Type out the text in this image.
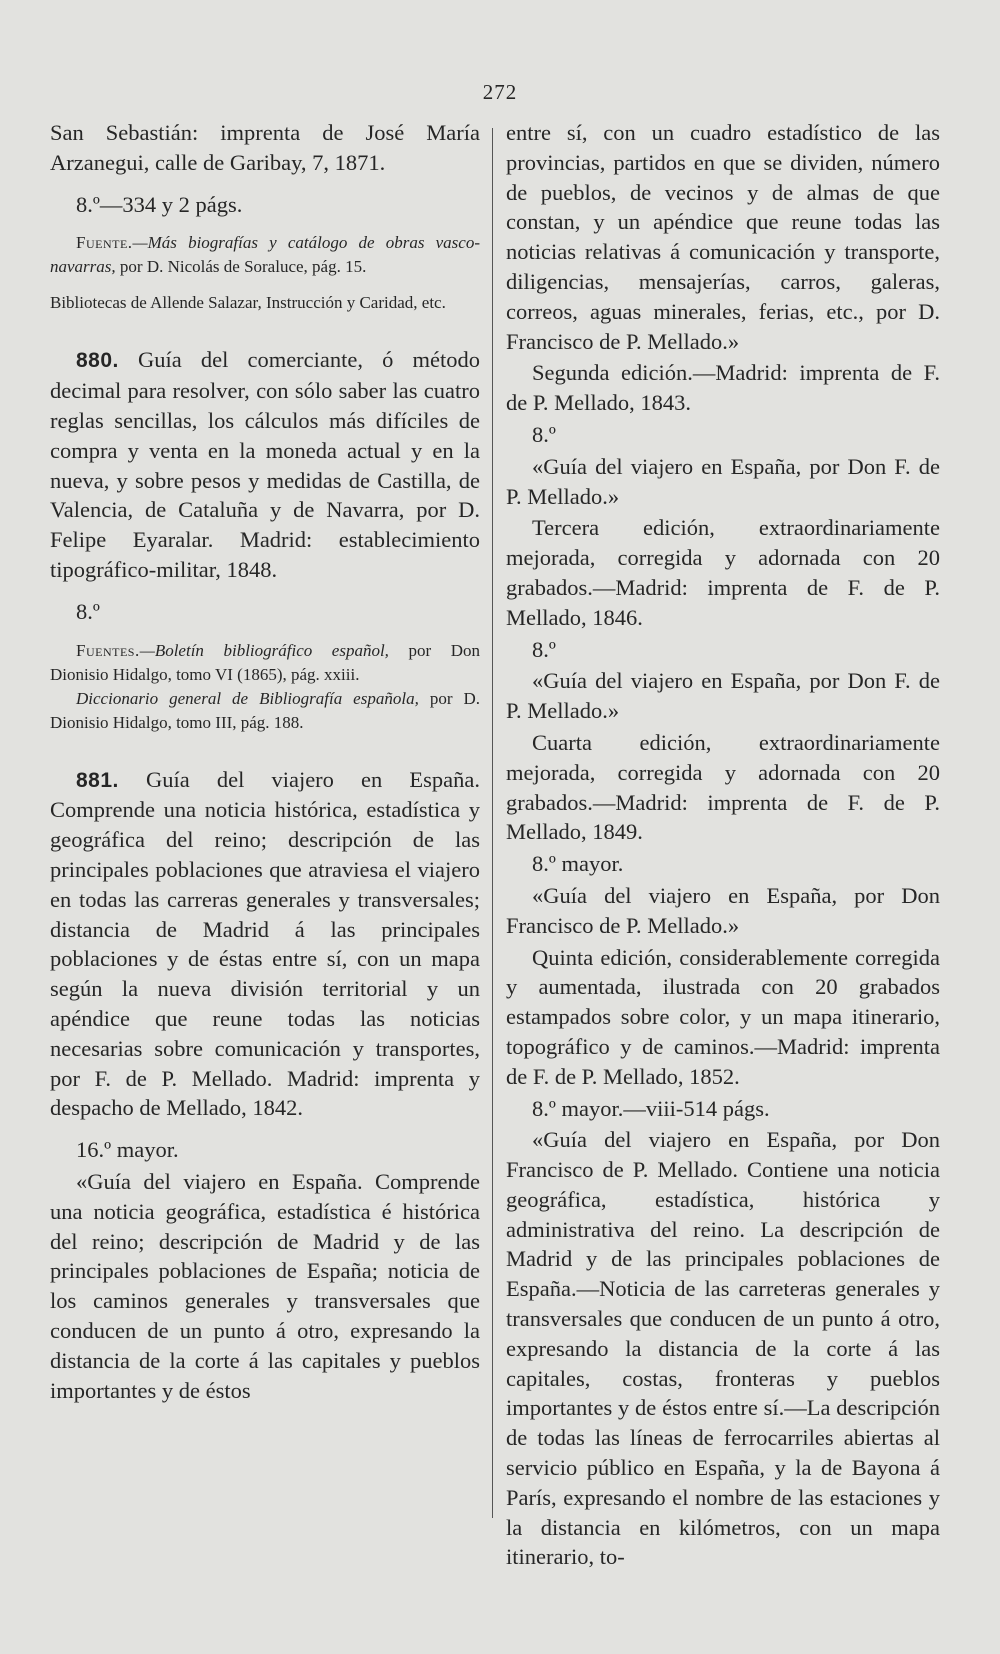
272

San Sebastián: imprenta de José María Arzanegui, calle de Garibay, 7, 1871.

8.º—334 y 2 págs.

Fuente.—Más biografías y catálogo de obras vasco-navarras, por D. Nicolás de Soraluce, pág. 15.

Bibliotecas de Allende Salazar, Instrucción y Caridad, etc.

880. Guía del comerciante, ó método decimal para resolver, con sólo saber las cuatro reglas sencillas, los cálculos más difíciles de compra y venta en la moneda actual y en la nueva, y sobre pesos y medidas de Castilla, de Valencia, de Cataluña y de Navarra, por D. Felipe Eyaralar. Madrid: establecimiento tipográfico-militar, 1848.

8.º

Fuentes.—Boletín bibliográfico español, por Don Dionisio Hidalgo, tomo VI (1865), pág. xxiii.

Diccionario general de Bibliografía española, por D. Dionisio Hidalgo, tomo III, pág. 188.

881. Guía del viajero en España. Comprende una noticia histórica, estadística y geográfica del reino; descripción de las principales poblaciones que atraviesa el viajero en todas las carreras generales y transversales; distancia de Madrid á las principales poblaciones y de éstas entre sí, con un mapa según la nueva división territorial y un apéndice que reune todas las noticias necesarias sobre comunicación y transportes, por F. de P. Mellado. Madrid: imprenta y despacho de Mellado, 1842.

16.º mayor.

«Guía del viajero en España. Comprende una noticia geográfica, estadística é histórica del reino; descripción de Madrid y de las principales poblaciones de España; noticia de los caminos generales y transversales que conducen de un punto á otro, expresando la distancia de la corte á las capitales y pueblos importantes y de éstos

entre sí, con un cuadro estadístico de las provincias, partidos en que se dividen, número de pueblos, de vecinos y de almas de que constan, y un apéndice que reune todas las noticias relativas á comunicación y transporte, diligencias, mensajerías, carros, galeras, correos, aguas minerales, ferias, etc., por D. Francisco de P. Mellado.»

Segunda edición.—Madrid: imprenta de F. de P. Mellado, 1843.

8.º

«Guía del viajero en España, por Don F. de P. Mellado.»

Tercera edición, extraordinariamente mejorada, corregida y adornada con 20 grabados.—Madrid: imprenta de F. de P. Mellado, 1846.

8.º

«Guía del viajero en España, por Don F. de P. Mellado.»

Cuarta edición, extraordinariamente mejorada, corregida y adornada con 20 grabados.—Madrid: imprenta de F. de P. Mellado, 1849.

8.º mayor.

«Guía del viajero en España, por Don Francisco de P. Mellado.»

Quinta edición, considerablemente corregida y aumentada, ilustrada con 20 grabados estampados sobre color, y un mapa itinerario, topográfico y de caminos.—Madrid: imprenta de F. de P. Mellado, 1852.

8.º mayor.—viii-514 págs.

«Guía del viajero en España, por Don Francisco de P. Mellado. Contiene una noticia geográfica, estadística, histórica y administrativa del reino. La descripción de Madrid y de las principales poblaciones de España.—Noticia de las carreteras generales y transversales que conducen de un punto á otro, expresando la distancia de la corte á las capitales, costas, fronteras y pueblos importantes y de éstos entre sí.—La descripción de todas las líneas de ferrocarriles abiertas al servicio público en España, y la de Bayona á París, expresando el nombre de las estaciones y la distancia en kilómetros, con un mapa itinerario, to-
